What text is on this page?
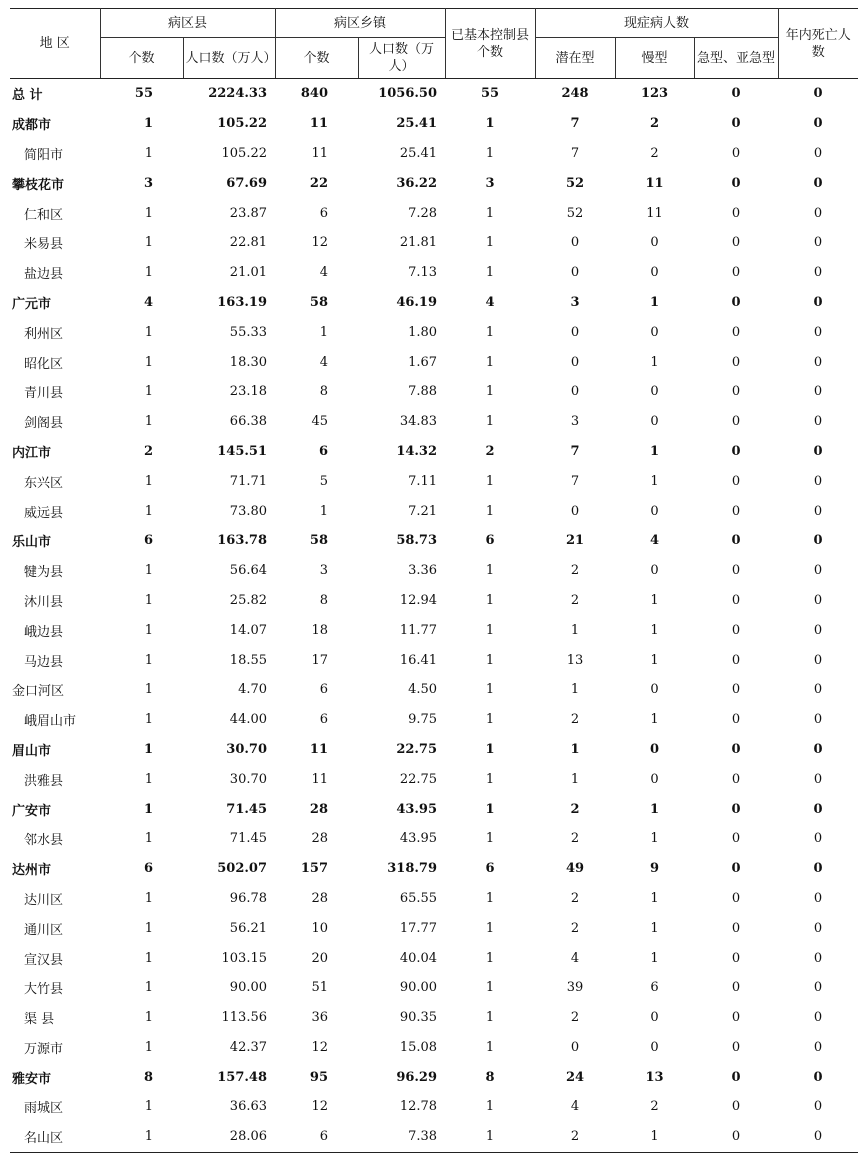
地 区	病区县		病区乡镇		已基本控制县个数	现症病人数			年内死亡人数
	个数	人口数（万人）	个数	人口数（万人）		潜在型	慢型	急型、亚急型	
总 计	55	2224.33	840	1056.50	55	248	123	0	0
成都市	1	105.22	11	25.41	1	7	2	0	0
简阳市	1	105.22	11	25.41	1	7	2	0	0
攀枝花市	3	67.69	22	36.22	3	52	11	0	0
仁和区	1	23.87	6	7.28	1	52	11	0	0
米易县	1	22.81	12	21.81	1	0	0	0	0
盐边县	1	21.01	4	7.13	1	0	0	0	0
广元市	4	163.19	58	46.19	4	3	1	0	0
利州区	1	55.33	1	1.80	1	0	0	0	0
昭化区	1	18.30	4	1.67	1	0	1	0	0
青川县	1	23.18	8	7.88	1	0	0	0	0
剑阁县	1	66.38	45	34.83	1	3	0	0	0
内江市	2	145.51	6	14.32	2	7	1	0	0
东兴区	1	71.71	5	7.11	1	7	1	0	0
威远县	1	73.80	1	7.21	1	0	0	0	0
乐山市	6	163.78	58	58.73	6	21	4	0	0
犍为县	1	56.64	3	3.36	1	2	0	0	0
沐川县	1	25.82	8	12.94	1	2	1	0	0
峨边县	1	14.07	18	11.77	1	1	1	0	0
马边县	1	18.55	17	16.41	1	13	1	0	0
金口河区	1	4.70	6	4.50	1	1	0	0	0
峨眉山市	1	44.00	6	9.75	1	2	1	0	0
眉山市	1	30.70	11	22.75	1	1	0	0	0
洪雅县	1	30.70	11	22.75	1	1	0	0	0
广安市	1	71.45	28	43.95	1	2	1	0	0
邻水县	1	71.45	28	43.95	1	2	1	0	0
达州市	6	502.07	157	318.79	6	49	9	0	0
达川区	1	96.78	28	65.55	1	2	1	0	0
通川区	1	56.21	10	17.77	1	2	1	0	0
宣汉县	1	103.15	20	40.04	1	4	1	0	0
大竹县	1	90.00	51	90.00	1	39	6	0	0
渠 县	1	113.56	36	90.35	1	2	0	0	0
万源市	1	42.37	12	15.08	1	0	0	0	0
雅安市	8	157.48	95	96.29	8	24	13	0	0
雨城区	1	36.63	12	12.78	1	4	2	0	0
名山区	1	28.06	6	7.38	1	2	1	0	0
